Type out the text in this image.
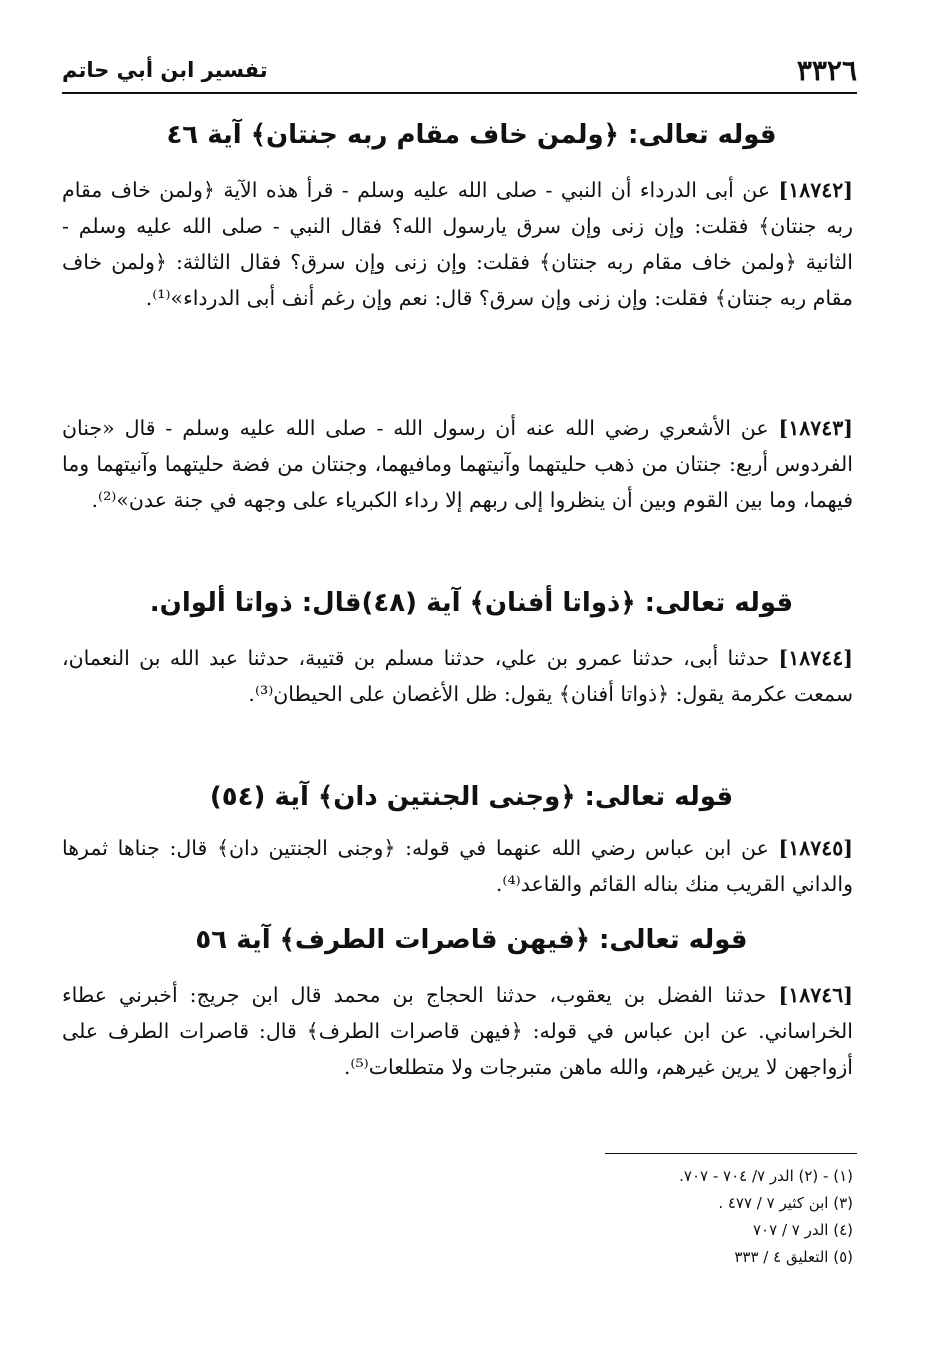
٣٣٢٦
تفسير ابن أبي حاتم
قوله تعالى: ﴿ولمن خاف مقام ربه جنتان﴾ آية ٤٦
[١٨٧٤٢] عن أبى الدرداء أن النبي - صلى الله عليه وسلم - قرأ هذه الآية ﴿ولمن خاف مقام ربه جنتان﴾ فقلت: وإن زنى وإن سرق يارسول الله؟ فقال النبي - صلى الله عليه وسلم - الثانية ﴿ولمن خاف مقام ربه جنتان﴾ فقلت: وإن زنى وإن سرق؟ فقال الثالثة: ﴿ولمن خاف مقام ربه جنتان﴾ فقلت: وإن زنى وإن سرق؟ قال: نعم وإن رغم أنف أبى الدرداء»⁽¹⁾.
[١٨٧٤٣] عن الأشعري رضي الله عنه أن رسول الله - صلى الله عليه وسلم - قال «جنان الفردوس أربع: جنتان من ذهب حليتهما وآنيتهما ومافيهما، وجنتان من فضة حليتهما وآنيتهما وما فيهما، وما بين القوم وبين أن ينظروا إلى ربهم إلا رداء الكبرياء على وجهه في جنة عدن»⁽²⁾.
قوله تعالى: ﴿ذواتا أفنان﴾ آية (٤٨)قال: ذواتا ألوان.
[١٨٧٤٤] حدثنا أبى، حدثنا عمرو بن علي، حدثنا مسلم بن قتيبة، حدثنا عبد الله بن النعمان، سمعت عكرمة يقول: ﴿ذواتا أفنان﴾ يقول: ظل الأغصان على الحيطان⁽³⁾.
قوله تعالى: ﴿وجنى الجنتين دان﴾ آية (٥٤)
[١٨٧٤٥] عن ابن عباس رضي الله عنهما في قوله: ﴿وجنى الجنتين دان﴾ قال: جناها ثمرها والداني القريب منك بناله القائم والقاعد⁽⁴⁾.
قوله تعالى: ﴿فيهن قاصرات الطرف﴾ آية ٥٦
[١٨٧٤٦] حدثنا الفضل بن يعقوب، حدثنا الحجاج بن محمد قال ابن جريج: أخبرني عطاء الخراساني. عن ابن عباس في قوله: ﴿فيهن قاصرات الطرف﴾ قال: قاصرات الطرف على أزواجهن لا يرين غيرهم، والله ماهن متبرجات ولا متطلعات⁽⁵⁾.

(١) - (٢) الدر ٧/ ٧٠٤ - ٧٠٧.

(٣) ابن كثير ٧ / ٤٧٧ .

(٤) الدر ٧ / ٧٠٧

(٥) التعليق ٤ / ٣٣٣
